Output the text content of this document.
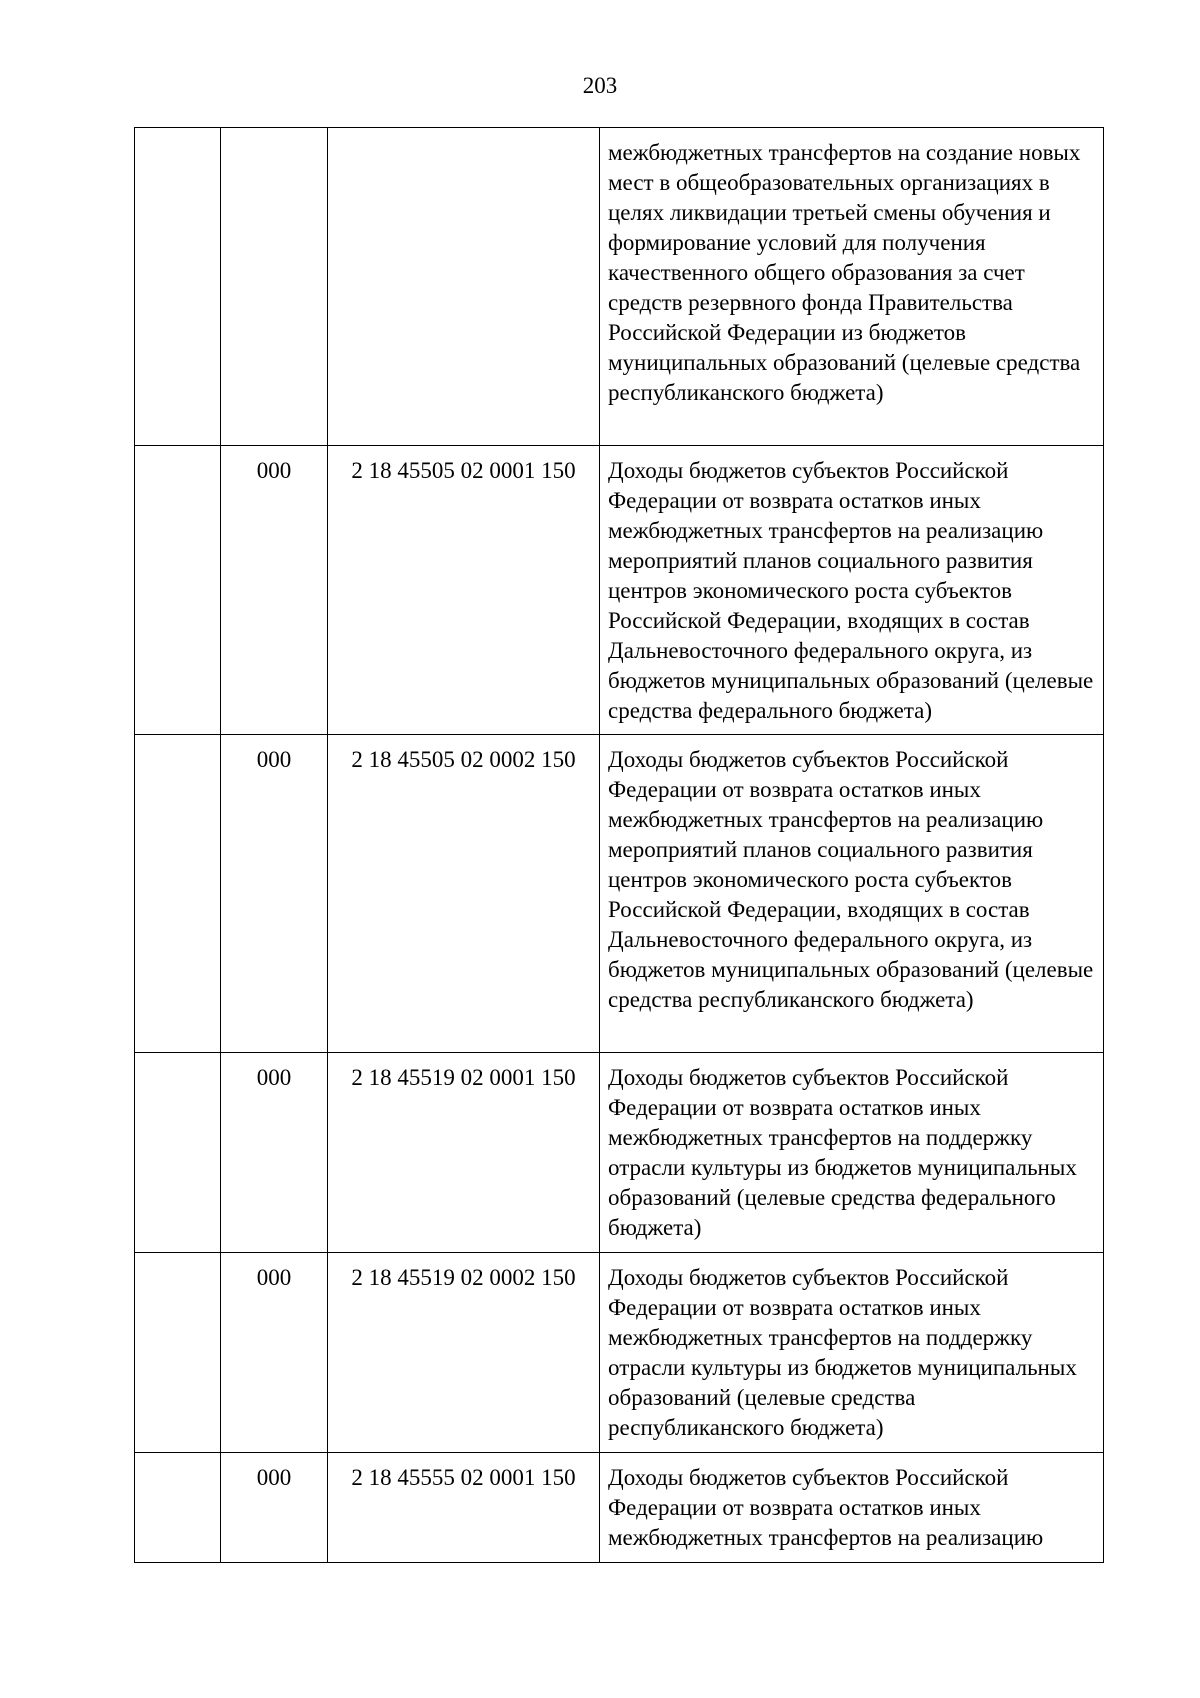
203
			межбюджетных трансфертов на создание новых мест в общеобразовательных организациях в целях ликвидации третьей смены обучения и формирование условий для получения качественного общего образования за счет средств резервного фонда Правительства Российской Федерации из бюджетов муниципальных образований (целевые средства республиканского бюджета)
	000	2 18 45505 02 0001 150	Доходы бюджетов субъектов Российской Федерации от возврата остатков иных межбюджетных трансфертов на реализацию мероприятий планов социального развития центров экономического роста субъектов Российской Федерации, входящих в состав Дальневосточного федерального округа, из бюджетов муниципальных образований (целевые средства федерального бюджета)
	000	2 18 45505 02 0002 150	Доходы бюджетов субъектов Российской Федерации от возврата остатков иных межбюджетных трансфертов на реализацию мероприятий планов социального развития центров экономического роста субъектов Российской Федерации, входящих в состав Дальневосточного федерального округа, из бюджетов муниципальных образований (целевые средства республиканского бюджета)
	000	2 18 45519 02 0001 150	Доходы бюджетов субъектов Российской Федерации от возврата остатков иных межбюджетных трансфертов на поддержку отрасли культуры из бюджетов муниципальных образований (целевые средства федерального бюджета)
	000	2 18 45519 02 0002 150	Доходы бюджетов субъектов Российской Федерации от возврата остатков иных межбюджетных трансфертов на поддержку отрасли культуры из бюджетов муниципальных образований (целевые средства республиканского бюджета)
	000	2 18 45555 02 0001 150	Доходы бюджетов субъектов Российской Федерации от возврата остатков иных межбюджетных трансфертов на реализацию
